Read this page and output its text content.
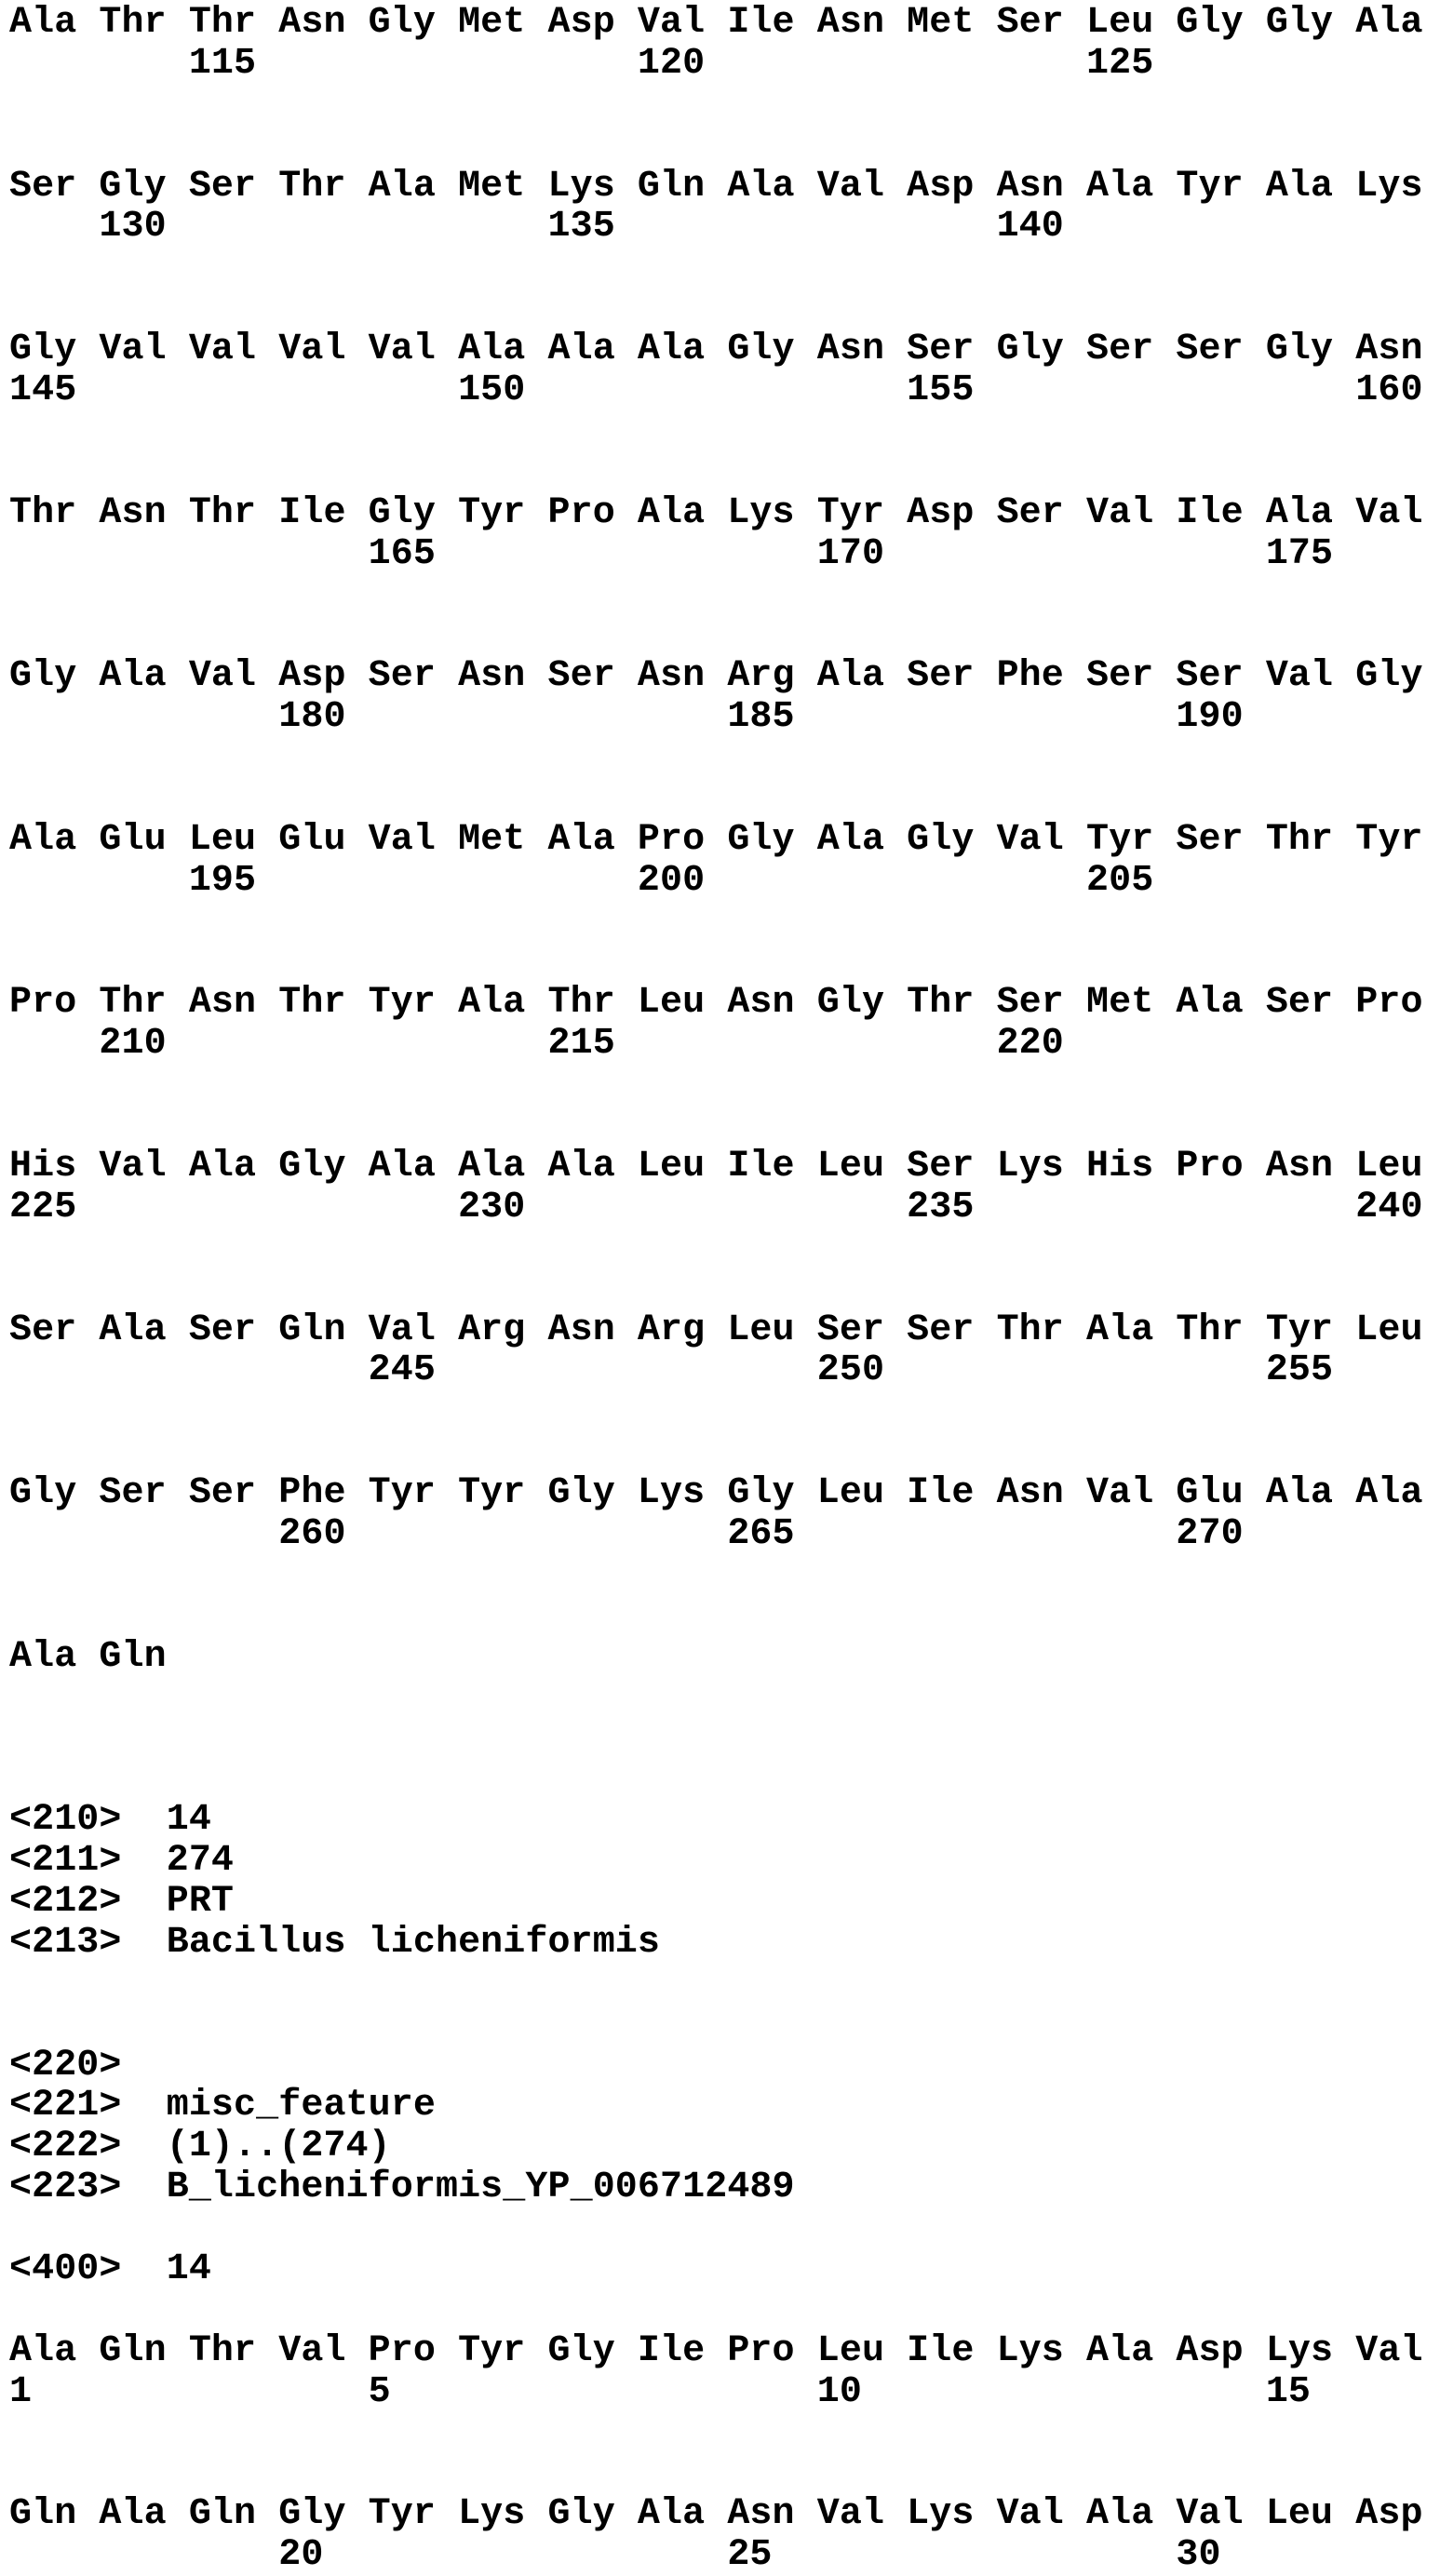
Ala Thr Thr Asn Gly Met Asp Val Ile Asn Met Ser Leu Gly Gly Ala
115                 120                 125
Ser Gly Ser Thr Ala Met Lys Gln Ala Val Asp Asn Ala Tyr Ala Lys
130                 135                 140
Gly Val Val Val Val Ala Ala Ala Gly Asn Ser Gly Ser Ser Gly Asn
145                 150                 155                 160
Thr Asn Thr Ile Gly Tyr Pro Ala Lys Tyr Asp Ser Val Ile Ala Val
165                 170                 175
Gly Ala Val Asp Ser Asn Ser Asn Arg Ala Ser Phe Ser Ser Val Gly
180                 185                 190
Ala Glu Leu Glu Val Met Ala Pro Gly Ala Gly Val Tyr Ser Thr Tyr
195                 200                 205
Pro Thr Asn Thr Tyr Ala Thr Leu Asn Gly Thr Ser Met Ala Ser Pro
210                 215                 220
His Val Ala Gly Ala Ala Ala Leu Ile Leu Ser Lys His Pro Asn Leu
225                 230                 235                 240
Ser Ala Ser Gln Val Arg Asn Arg Leu Ser Ser Thr Ala Thr Tyr Leu
245                 250                 255
Gly Ser Ser Phe Tyr Tyr Gly Lys Gly Leu Ile Asn Val Glu Ala Ala
260                 265                 270
Ala Gln
<210>  14
<211>  274
<212>  PRT
<213>  Bacillus licheniformis
<220>
<221>  misc_feature
<222>  (1)..(274)
<223>  B_licheniformis_YP_006712489
<400>  14
Ala Gln Thr Val Pro Tyr Gly Ile Pro Leu Ile Lys Ala Asp Lys Val
1               5                   10                  15
Gln Ala Gln Gly Tyr Lys Gly Ala Asn Val Lys Val Ala Val Leu Asp
20                  25                  30
